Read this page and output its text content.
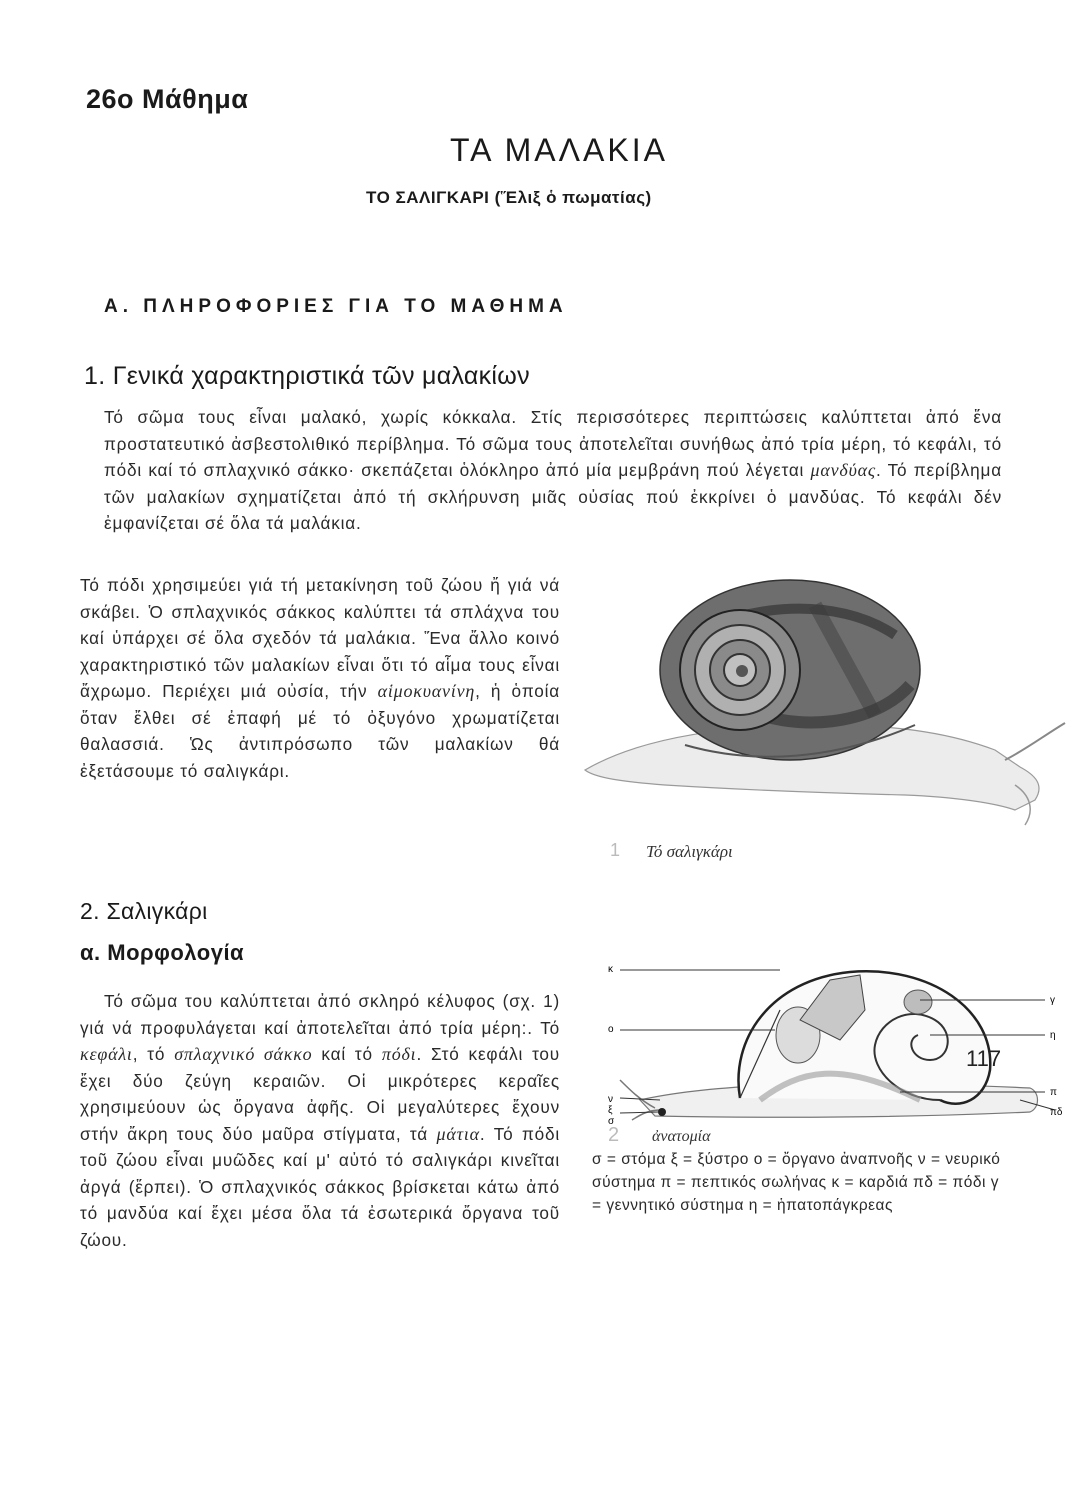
26ο Μάθημα
ΤΑ ΜΑΛΑΚΙΑ
ΤΟ ΣΑΛΙΓΚΑΡΙ (Ἕλιξ ὁ πωματίας)
Α. ΠΛΗΡΟΦΟΡΙΕΣ ΓΙΑ ΤΟ ΜΑΘΗΜΑ
1. Γενικά χαρακτηριστικά τῶν μαλακίων

Τό σῶμα τους εἶναι μαλακό, χωρίς κόκκαλα. Στίς περισσότερες περιπτώσεις καλύπτεται ἀπό ἕνα προστατευτικό ἀσβεστολιθικό περίβλημα. Τό σῶμα τους ἀποτελεῖται συνήθως ἀπό τρία μέρη, τό κεφάλι, τό πόδι καί τό σπλαχνικό σάκκο· σκεπάζεται ὁλόκληρο ἀπό μία μεμβράνη πού λέγεται μανδύας. Τό περίβλημα τῶν μαλακίων σχηματίζεται ἀπό τή σκλήρυνση μιᾶς οὐσίας πού ἐκκρίνει ὁ μανδύας. Τό κεφάλι δέν ἐμφανίζεται σέ ὅλα τά μαλάκια.

Τό πόδι χρησιμεύει γιά τή μετακίνηση τοῦ ζώου ἤ γιά νά σκάβει. Ὁ σπλαχνικός σάκκος καλύπτει τά σπλάχνα του καί ὑπάρχει σέ ὅλα σχεδόν τά μαλάκια. Ἕνα ἄλλο κοινό χαρακτηριστικό τῶν μαλακίων εἶναι ὅτι τό αἷμα τους εἶναι ἄχρωμο. Περιέχει μιά οὐσία, τήν αἱμοκυανίνη, ἡ ὁποία ὅταν ἔλθει σέ ἐπαφή μέ τό ὀξυγόνο χρωματίζεται θαλασσιά. Ὡς ἀντιπρόσωπο τῶν μαλακίων θά ἐξετάσουμε τό σαλιγκάρι.

1 Τό σαλιγκάρι
2. Σαλιγκάρι
α. Μορφολογία

Τό σῶμα του καλύπτεται ἀπό σκληρό κέλυφος (σχ. 1) γιά νά προφυλάγεται καί ἀποτελεῖται ἀπό τρία μέρη:. Τό κεφάλι, τό σπλαχνικό σάκκο καί τό πόδι. Στό κεφάλι του ἔχει δύο ζεύγη κεραιῶν. Οἱ μικρότερες κεραῖες χρησιμεύουν ὡς ὄργανα ἀφῆς. Οἱ μεγαλύτερες ἔχουν στήν ἄκρη τους δύο μαῦρα στίγματα, τά μάτια. Τό πόδι τοῦ ζώου εἶναι μυῶδες καί μ' αὐτό τό σαλιγκάρι κινεῖται ἀργά (ἕρπει). Ὁ σπλαχνικός σάκκος βρίσκεται κάτω ἀπό τό μανδύα καί ἔχει μέσα ὅλα τά ἐσωτερικά ὄργανα τοῦ ζώου.

κ
ο
ν
ξ
σ
γ
η
π
πδ
2 ἀνατομία

σ = στόμα ξ = ξύστρο ο = ὄργανο ἀναπνοῆς ν = νευρικό σύστημα π = πεπτικός σωλήνας κ = καρδιά πδ = πόδι γ = γεννητικό σύστημα η = ἡπατοπάγκρεας

117
